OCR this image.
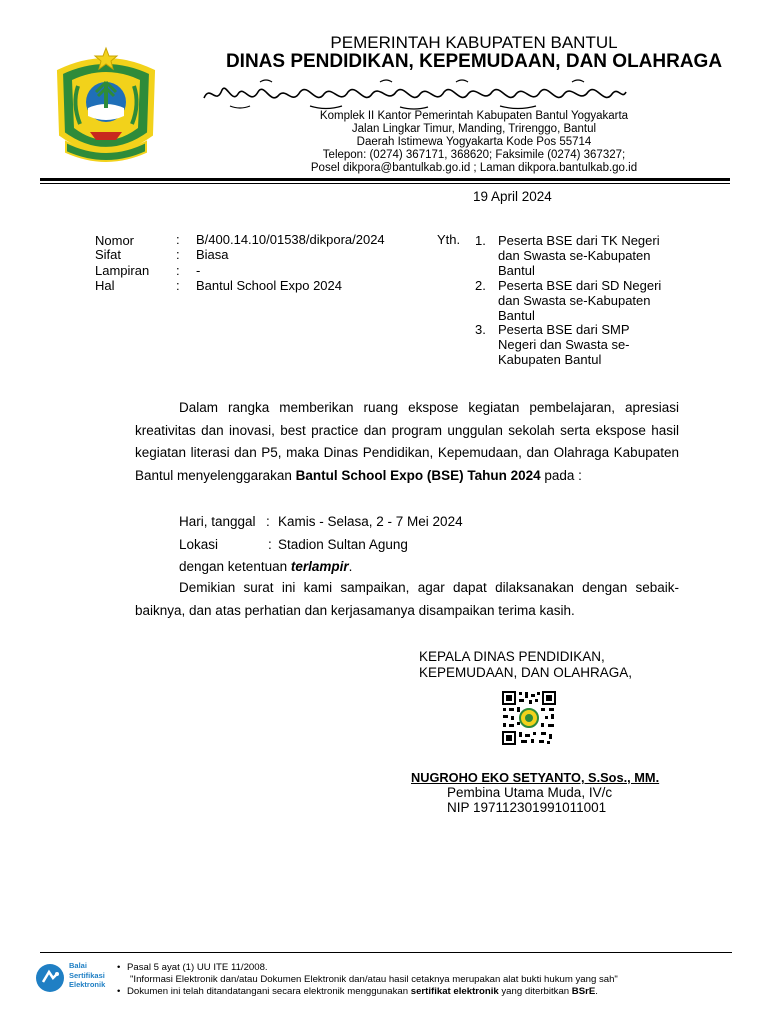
PEMERINTAH KABUPATEN BANTUL
DINAS PENDIDIKAN, KEPEMUDAAN, DAN OLAHRAGA
Komplek II Kantor Pemerintah Kabupaten Bantul Yogyakarta
Jalan Lingkar Timur, Manding, Trirenggo, Bantul
Daerah Istimewa Yogyakarta Kode Pos 55714
Telepon: (0274) 367171, 368620; Faksimile (0274) 367327;
Posel dikpora@bantulkab.go.id ; Laman dikpora.bantulkab.go.id
19 April 2024
Nomor	: B/400.14.10/01538/dikpora/2024
Sifat	: Biasa
Lampiran : -
Hal	: Bantul School Expo 2024
Yth. 1. Peserta BSE dari TK Negeri
dan Swasta se-Kabupaten
Bantul
2. Peserta BSE dari SD Negeri
dan Swasta se-Kabupaten
Bantul
3. Peserta BSE dari SMP
Negeri dan Swasta se-
Kabupaten Bantul
Dalam rangka memberikan ruang ekspose kegiatan pembelajaran, apresiasi kreativitas dan inovasi, best practice dan program unggulan sekolah serta ekspose hasil kegiatan literasi dan P5, maka Dinas Pendidikan, Kepemudaan, dan Olahraga Kabupaten Bantul menyelenggarakan Bantul School Expo (BSE) Tahun 2024 pada :
Hari, tanggal : Kamis - Selasa, 2 - 7 Mei 2024
Lokasi	: Stadion Sultan Agung
dengan ketentuan terlampir.
Demikian surat ini kami sampaikan, agar dapat dilaksanakan dengan sebaik-baiknya, dan atas perhatian dan kerjasamanya disampaikan terima kasih.
KEPALA DINAS PENDIDIKAN,
KEPEMUDAAN, DAN OLAHRAGA,
NUGROHO EKO SETYANTO, S.Sos., MM.
Pembina Utama Muda, IV/c
NIP 197112301991011001
Balai
Sertifikasi
Elektronik
• Pasal 5 ayat (1) UU ITE 11/2008.
"Informasi Elektronik dan/atau Dokumen Elektronik dan/atau hasil cetaknya merupakan alat bukti hukum yang sah"
• Dokumen ini telah ditandatangani secara elektronik menggunakan sertifikat elektronik yang diterbitkan BSrE.
